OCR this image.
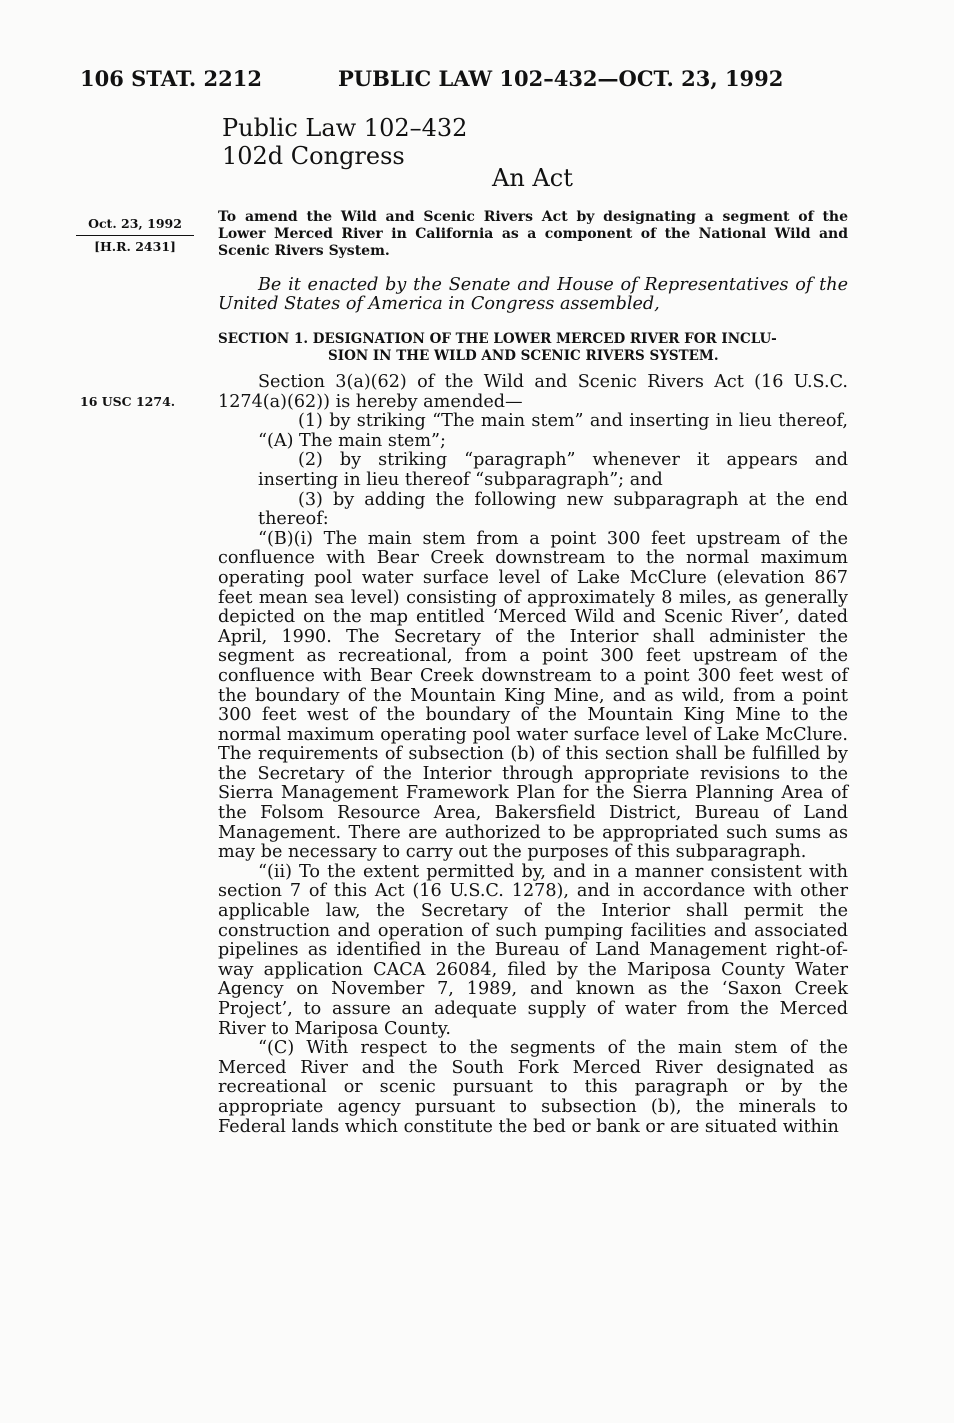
106 STAT. 2212	PUBLIC LAW 102–432—OCT. 23, 1992
Public Law 102–432
102d Congress
An Act
Oct. 23, 1992
[H.R. 2431]
16 USC 1274.
To amend the Wild and Scenic Rivers Act by designating a segment of the Lower Merced River in California as a component of the National Wild and Scenic Rivers System.
Be it enacted by the Senate and House of Representatives of the United States of America in Congress assembled,
SECTION 1. DESIGNATION OF THE LOWER MERCED RIVER FOR INCLU-
SION IN THE WILD AND SCENIC RIVERS SYSTEM.

Section 3(a)(62) of the Wild and Scenic Rivers Act (16 U.S.C. 1274(a)(62)) is hereby amended—

(1) by striking “The main stem” and inserting in lieu thereof, “(A) The main stem”;

(2) by striking “paragraph” whenever it appears and inserting in lieu thereof “subparagraph”; and

(3) by adding the following new subparagraph at the end thereof:

“(B)(i) The main stem from a point 300 feet upstream of the confluence with Bear Creek downstream to the normal maximum operating pool water surface level of Lake McClure (elevation 867 feet mean sea level) consisting of approximately 8 miles, as generally depicted on the map entitled ‘Merced Wild and Scenic River’, dated April, 1990. The Secretary of the Interior shall administer the segment as recreational, from a point 300 feet upstream of the confluence with Bear Creek downstream to a point 300 feet west of the boundary of the Mountain King Mine, and as wild, from a point 300 feet west of the boundary of the Mountain King Mine to the normal maximum operating pool water surface level of Lake McClure. The requirements of subsection (b) of this section shall be fulfilled by the Secretary of the Interior through appropriate revisions to the Sierra Management Framework Plan for the Sierra Planning Area of the Folsom Resource Area, Bakersfield District, Bureau of Land Management. There are authorized to be appropriated such sums as may be necessary to carry out the purposes of this subparagraph.

“(ii) To the extent permitted by, and in a manner consistent with section 7 of this Act (16 U.S.C. 1278), and in accordance with other applicable law, the Secretary of the Interior shall permit the construction and operation of such pumping facilities and associated pipelines as identified in the Bureau of Land Management right-of-way application CACA 26084, filed by the Mariposa County Water Agency on November 7, 1989, and known as the ‘Saxon Creek Project’, to assure an adequate supply of water from the Merced River to Mariposa County.

“(C) With respect to the segments of the main stem of the Merced River and the South Fork Merced River designated as recreational or scenic pursuant to this paragraph or by the appropriate agency pursuant to subsection (b), the minerals to Federal lands which constitute the bed or bank or are situated within
